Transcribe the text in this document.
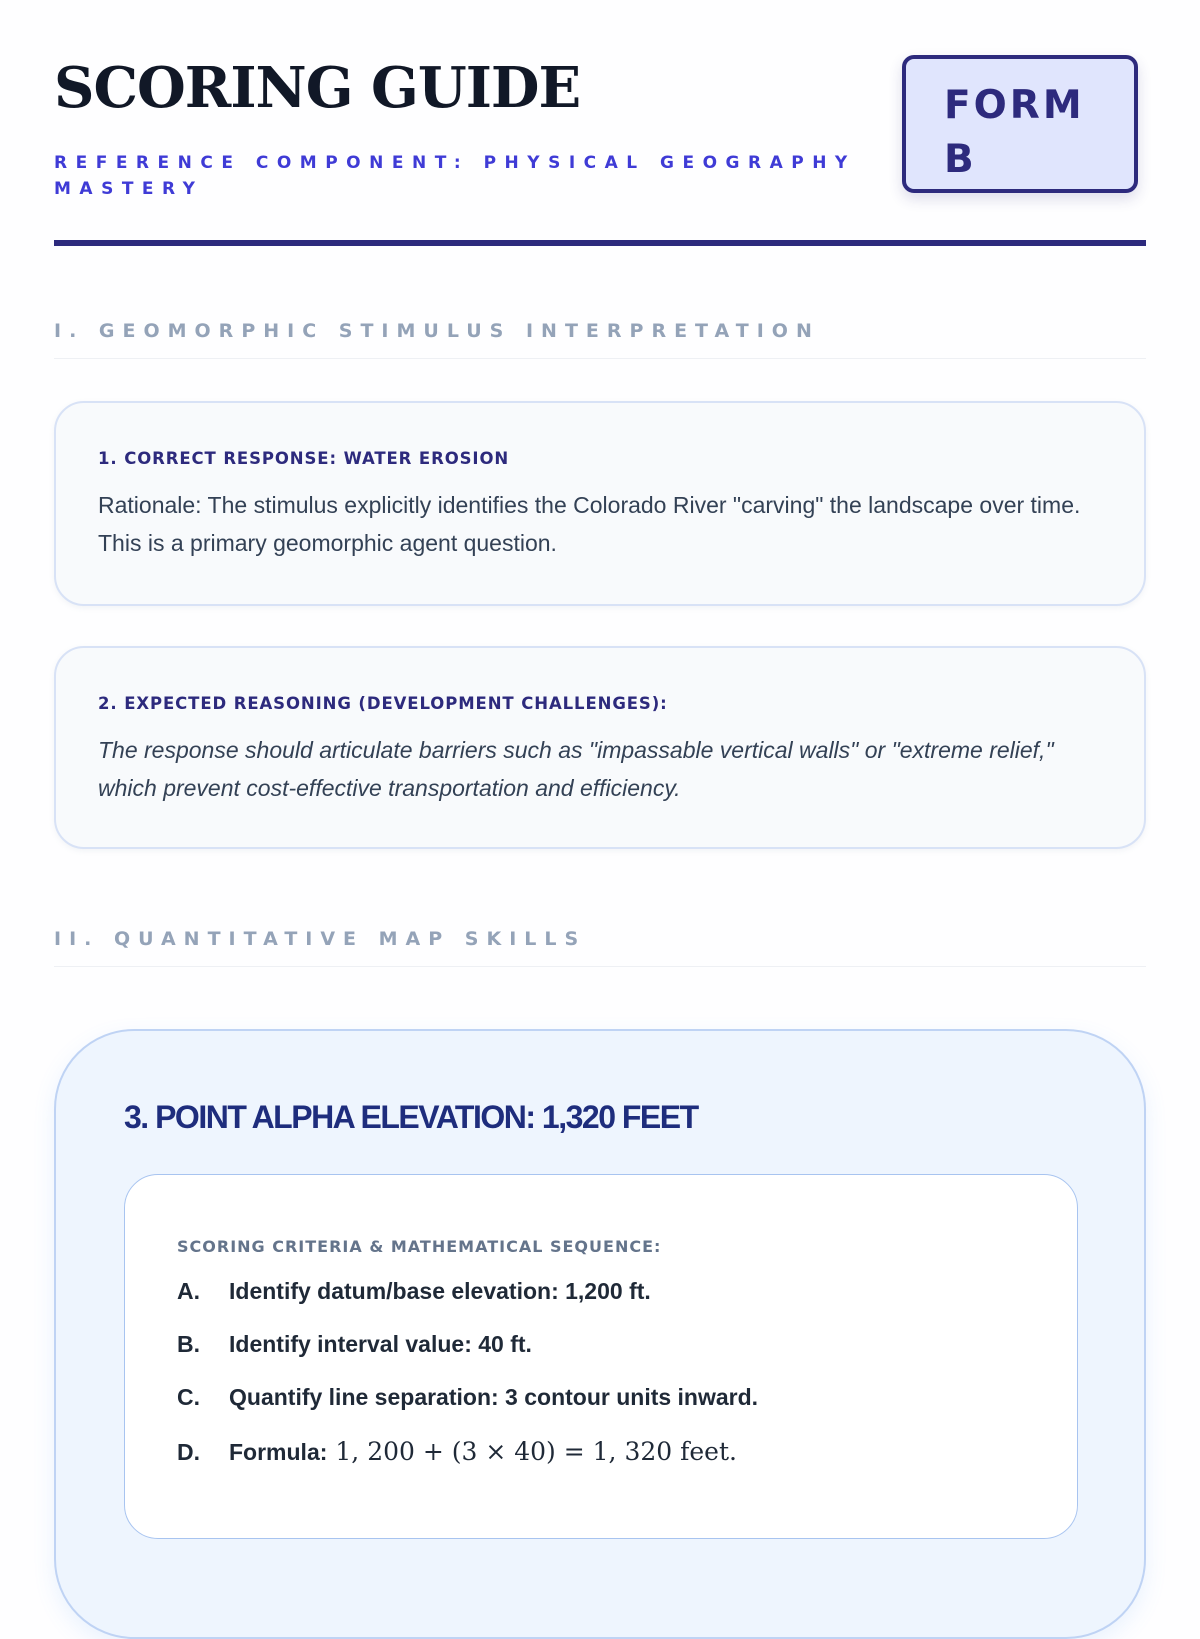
SCORING GUIDE

REFERENCE COMPONENT: PHYSICAL GEOGRAPHY MASTERY

FORM B
I. GEOMORPHIC STIMULUS INTERPRETATION

1. CORRECT RESPONSE: WATER EROSION

Rationale: The stimulus explicitly identifies the Colorado River "carving" the landscape over time. This is a primary geomorphic agent question.

2. EXPECTED REASONING (DEVELOPMENT CHALLENGES):

The response should articulate barriers such as "impassable vertical walls" or "extreme relief," which prevent cost-effective transportation and efficiency.

II. QUANTITATIVE MAP SKILLS
3. POINT ALPHA ELEVATION: 1,320 FEET

SCORING CRITERIA & MATHEMATICAL SEQUENCE:

A.	Identify datum/base elevation: 1,200 ft.
B.	Identify interval value: 40 ft.
C.	Quantify line separation: 3 contour units inward.
D.	Formula: 1, 200 + (3 × 40) = 1, 320 feet.
